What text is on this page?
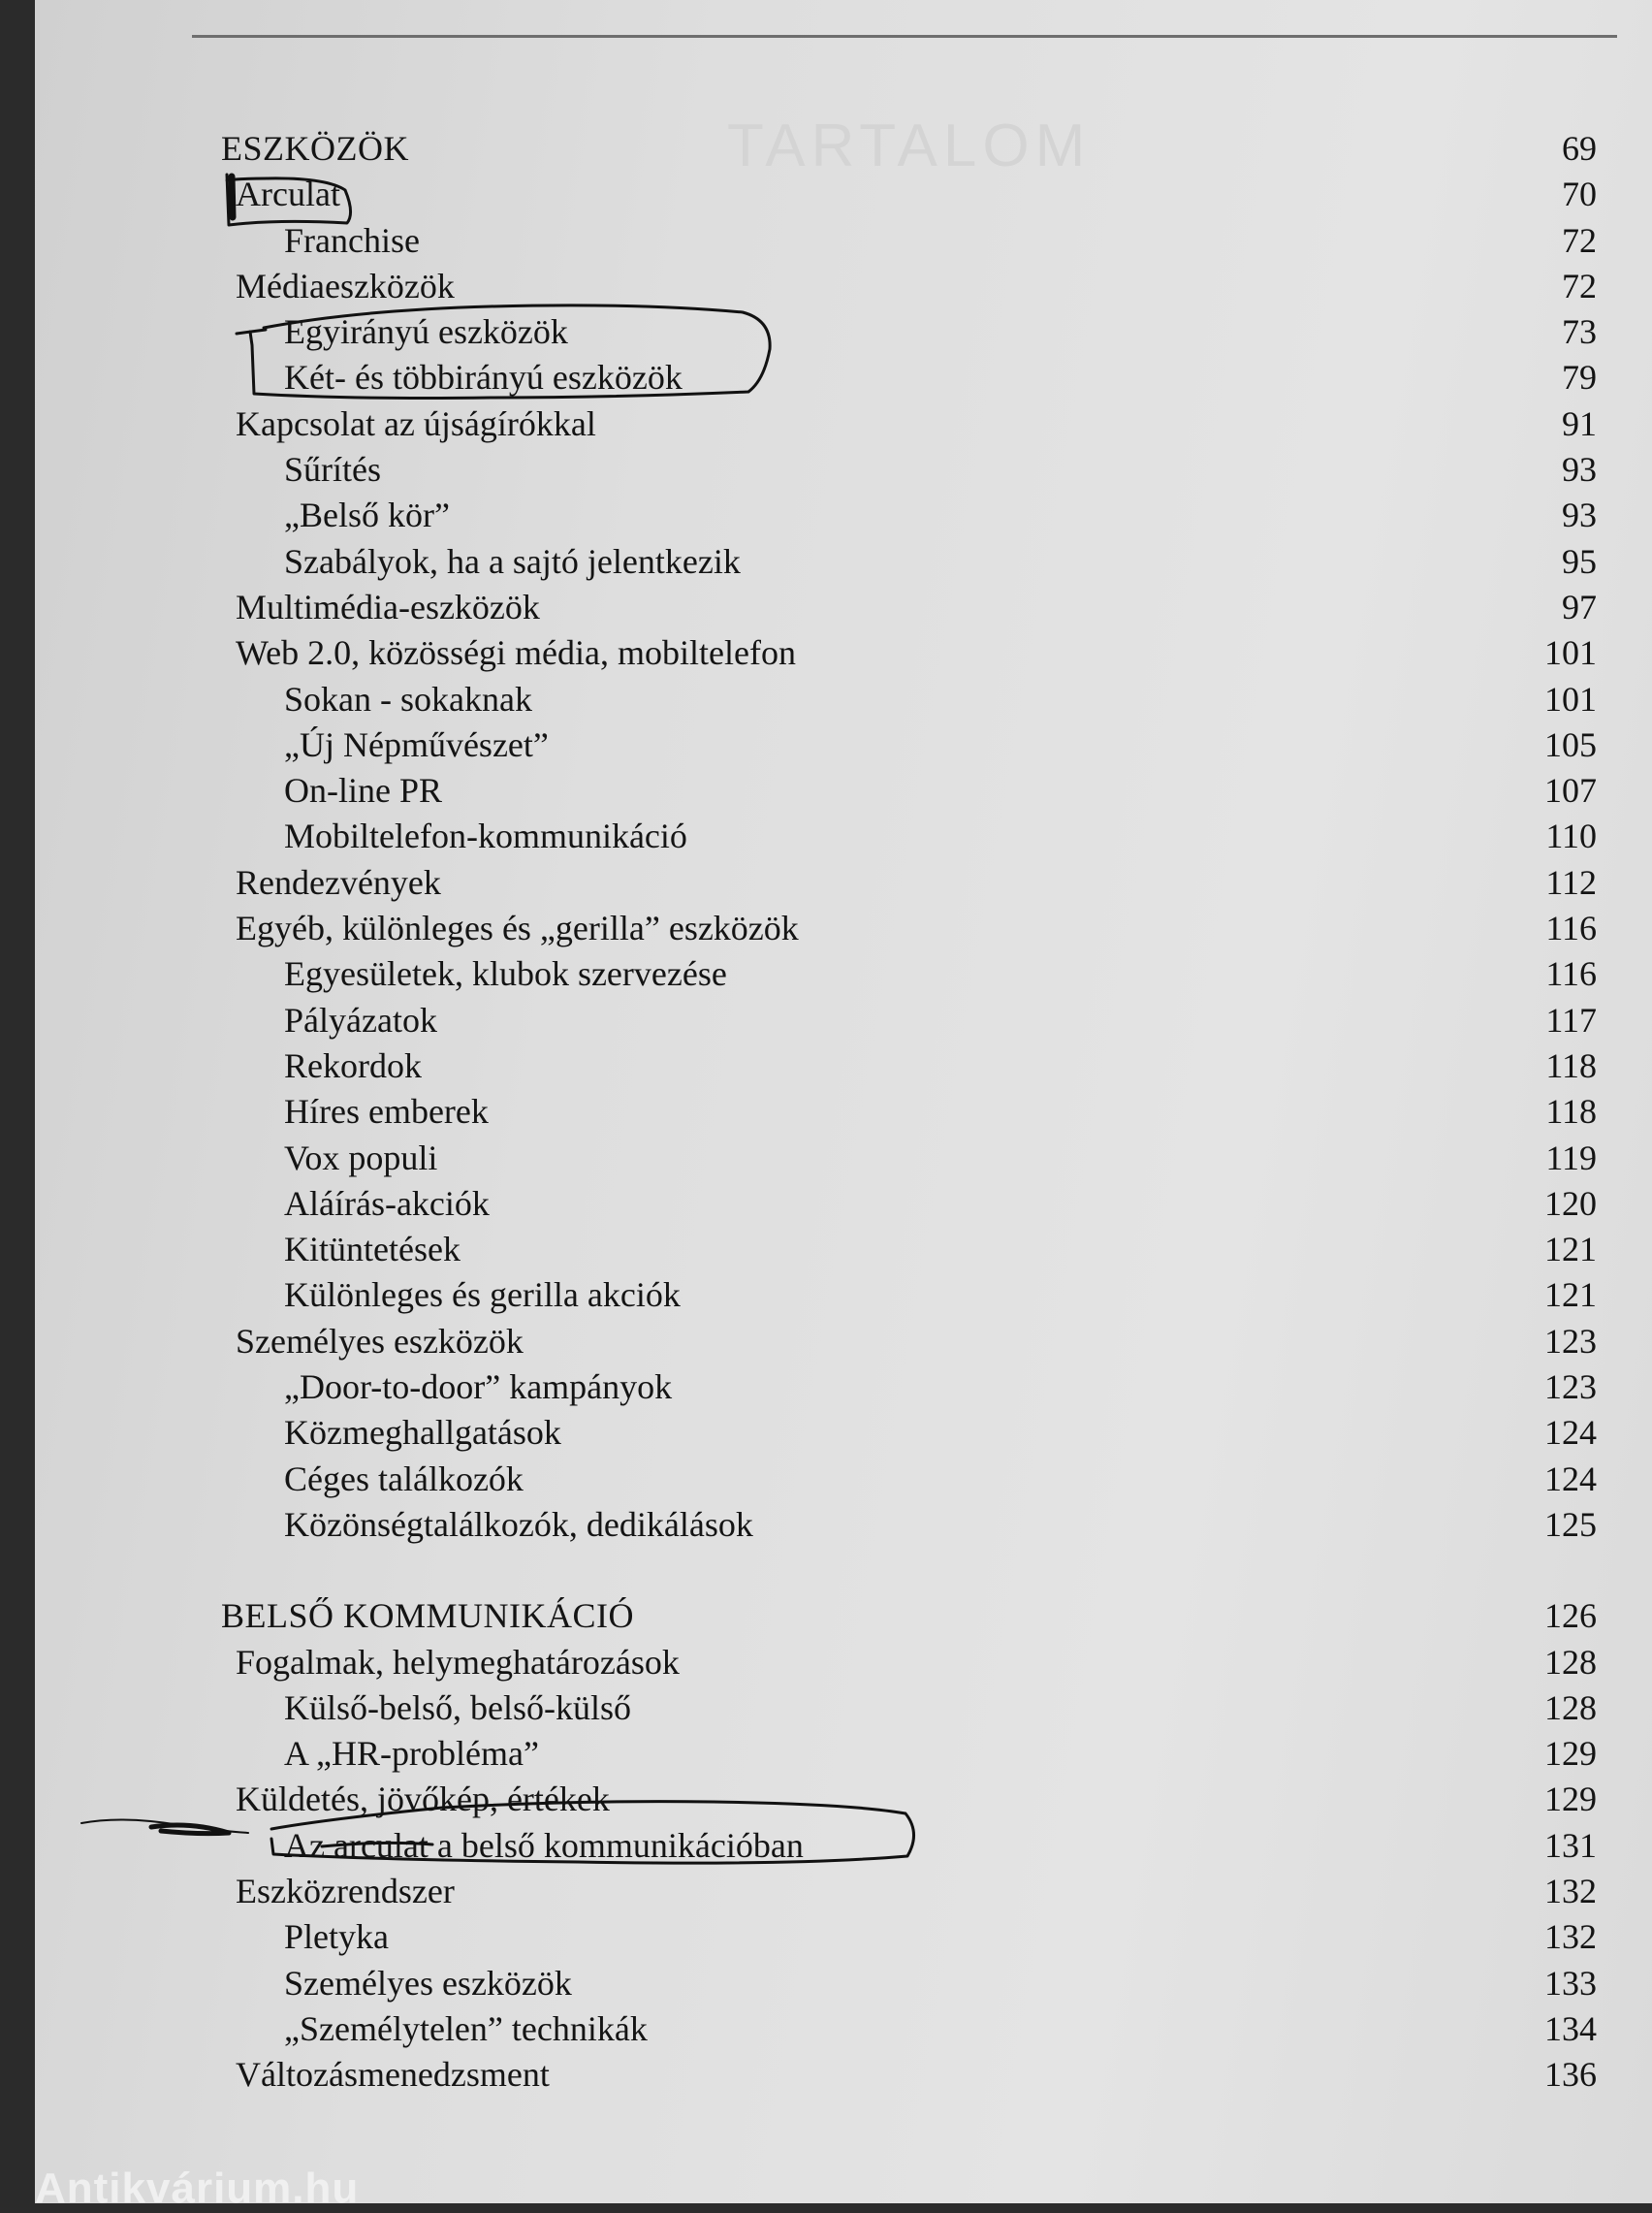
TARTALOM
ESZKÖZÖK	69
Arculat	70
Franchise	72
Médiaeszközök	72
Egyirányú eszközök	73
Két- és többirányú eszközök	79
Kapcsolat az újságírókkal	91
Sűrítés	93
„Belső kör”	93
Szabályok, ha a sajtó jelentkezik	95
Multimédia-eszközök	97
Web 2.0, közösségi média, mobiltelefon	101
Sokan - sokaknak	101
„Új Népművészet”	105
On-line PR	107
Mobiltelefon-kommunikáció	110
Rendezvények	112
Egyéb, különleges és „gerilla” eszközök	116
Egyesületek, klubok szervezése	116
Pályázatok	117
Rekordok	118
Híres emberek	118
Vox populi	119
Aláírás-akciók	120
Kitüntetések	121
Különleges és gerilla akciók	121
Személyes eszközök	123
„Door-to-door” kampányok	123
Közmeghallgatások	124
Céges találkozók	124
Közönségtalálkozók, dedikálások	125
BELSŐ KOMMUNIKÁCIÓ	126
Fogalmak, helymeghatározások	128
Külső-belső, belső-külső	128
A „HR-probléma”	129
Küldetés, jövőkép, értékek	129
Az arculat a belső kommunikációban	131
Eszközrendszer	132
Pletyka	132
Személyes eszközök	133
„Személytelen” technikák	134
Változásmenedzsment	136
Antikvárium.hu
